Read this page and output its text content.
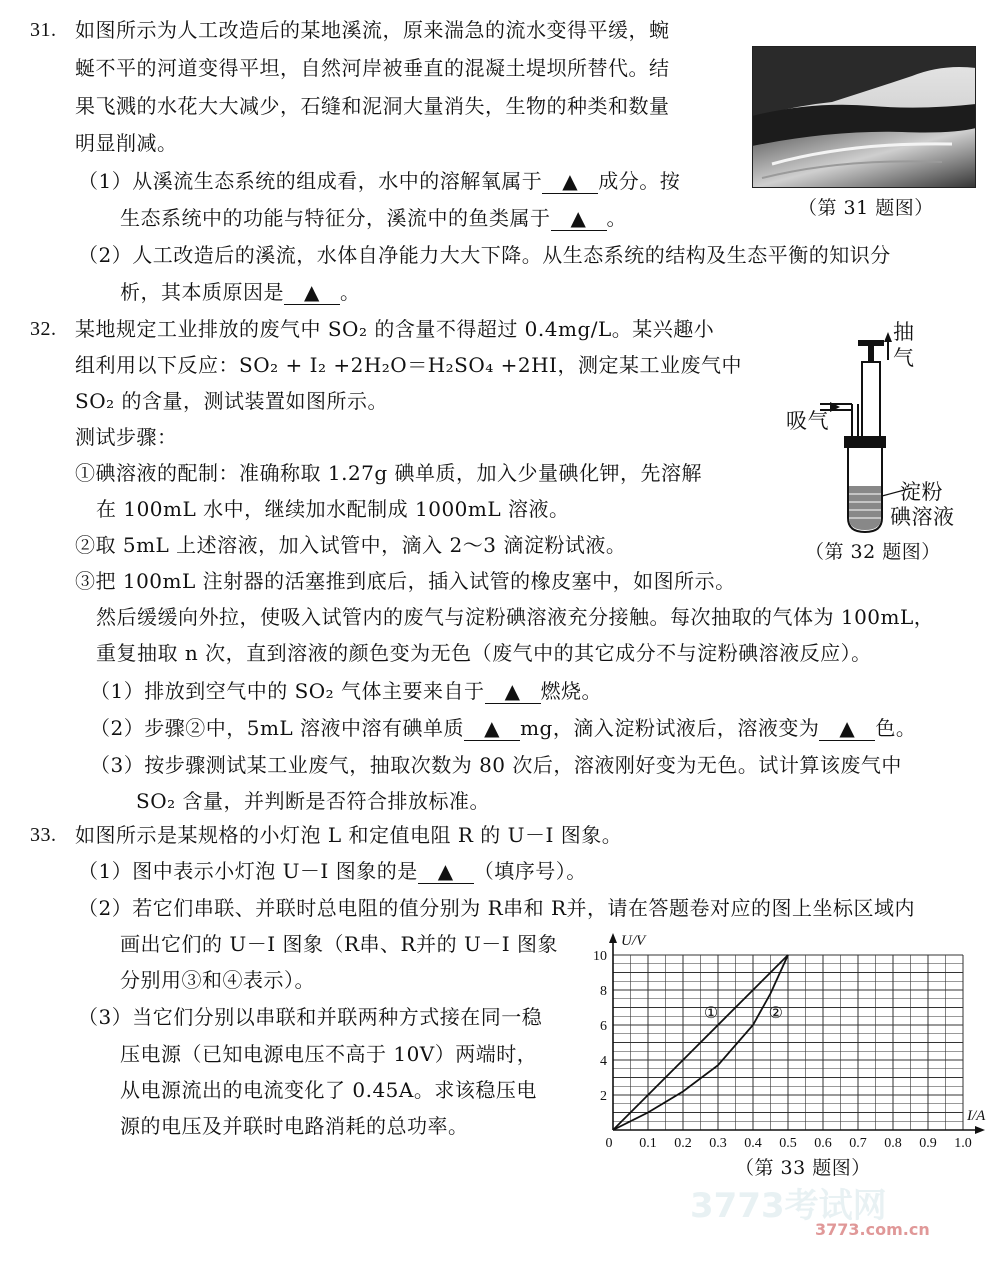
31. 如图所示为人工改造后的某地溪流，原来湍急的流水变得平缓，蜿
蜒不平的河道变得平坦，自然河岸被垂直的混凝土堤坝所替代。结
果飞溅的水花大大减少，石缝和泥洞大量消失，生物的种类和数量
明显削减。
（1）从溪流生态系统的组成看，水中的溶解氧属于 ▲ 成分。按
生态系统中的功能与特征分，溪流中的鱼类属于 ▲ 。
（2）人工改造后的溪流，水体自净能力大大下降。从生态系统的结构及生态平衡的知识分
析，其本质原因是 ▲ 。
（第 31 题图）
32. 某地规定工业排放的废气中 SO₂ 的含量不得超过 0.4mg/L。某兴趣小
组利用以下反应：SO₂ + I₂ +2H₂O＝H₂SO₄ +2HI，测定某工业废气中
SO₂ 的含量，测试装置如图所示。
测试步骤：
①碘溶液的配制：准确称取 1.27g 碘单质，加入少量碘化钾，先溶解
在 100mL 水中，继续加水配制成 1000mL 溶液。
②取 5mL 上述溶液，加入试管中，滴入 2～3 滴淀粉试液。
③把 100mL 注射器的活塞推到底后，插入试管的橡皮塞中，如图所示。
然后缓缓向外拉，使吸入试管内的废气与淀粉碘溶液充分接触。每次抽取的气体为 100mL，
重复抽取 n 次，直到溶液的颜色变为无色（废气中的其它成分不与淀粉碘溶液反应）。
（1）排放到空气中的 SO₂ 气体主要来自于 ▲ 燃烧。
（2）步骤②中，5mL 溶液中溶有碘单质 ▲ mg，滴入淀粉试液后，溶液变为 ▲ 色。
（3）按步骤测试某工业废气，抽取次数为 80 次后，溶液刚好变为无色。试计算该废气中
SO₂ 含量，并判断是否符合排放标准。
抽
气
吸气
淀粉
碘溶液
（第 32 题图）
33. 如图所示是某规格的小灯泡 L 和定值电阻 R 的 U－I 图象。
（1）图中表示小灯泡 U－I 图象的是 ▲ （填序号）。
（2）若它们串联、并联时总电阻的值分别为 R串和 R并，请在答题卷对应的图上坐标区域内
画出它们的 U－I 图象（R串、R并的 U－I 图象
分别用③和④表示）。
（3）当它们分别以串联和并联两种方式接在同一稳
压电源（已知电源电压不高于 10V）两端时，
从电源流出的电流变化了 0.45A。求该稳压电
源的电压及并联时电路消耗的总功率。
0 0.1 0.2 0.3 0.4 0.5 0.6 0.7 0.8 0.9 1.0
2
4
6
8
10
I/A
U/V
①	②
（第 33 题图）
3773考试网
3773.com.cn
